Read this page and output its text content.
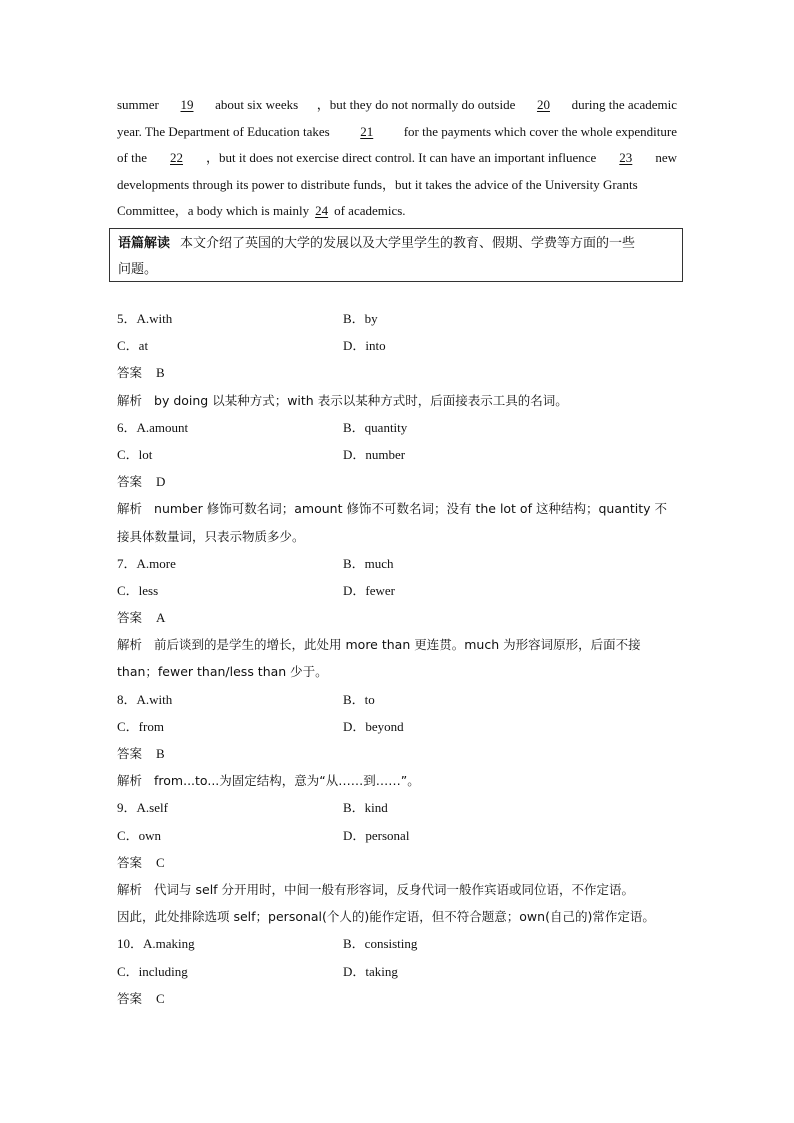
summer 19 about six weeks ，but they do not normally do outside 20 during the academic
year. The Department of Education takes 21 for the payments which cover the whole expenditure
of the 22 ，but it does not exercise direct control. It can have an important influence 23 new
developments through its power to distribute funds，but it takes the advice of the University Grants
Committee，a body which is mainly 24 of academics.
语篇解读 本文介绍了英国的大学的发展以及大学里学生的教育、假期、学费等方面的一些
问题。
5．A.with	B．by
C．at	D．into
答案 B
解析 by doing 以某种方式；with 表示以某种方式时，后面接表示工具的名词。
6．A.amount	B．quantity
C．lot	D．number
答案 D
解析 number 修饰可数名词；amount 修饰不可数名词；没有 the lot of 这种结构；quantity 不
接具体数量词，只表示物质多少。
7．A.more	B．much
C．less	D．fewer
答案 A
解析 前后谈到的是学生的增长，此处用 more than 更连贯。much 为形容词原形，后面不接
than；fewer than/less than 少于。
8．A.with	B．to
C．from	D．beyond
答案 B
解析 from...to...为固定结构，意为“从……到……”。
9．A.self	B．kind
C．own	D．personal
答案 C
解析 代词与 self 分开用时，中间一般有形容词，反身代词一般作宾语或同位语，不作定语。
因此，此处排除选项 self；personal(个人的)能作定语，但不符合题意；own(自己的)常作定语。
10．A.making	B．consisting
C．including	D．taking
答案 C
